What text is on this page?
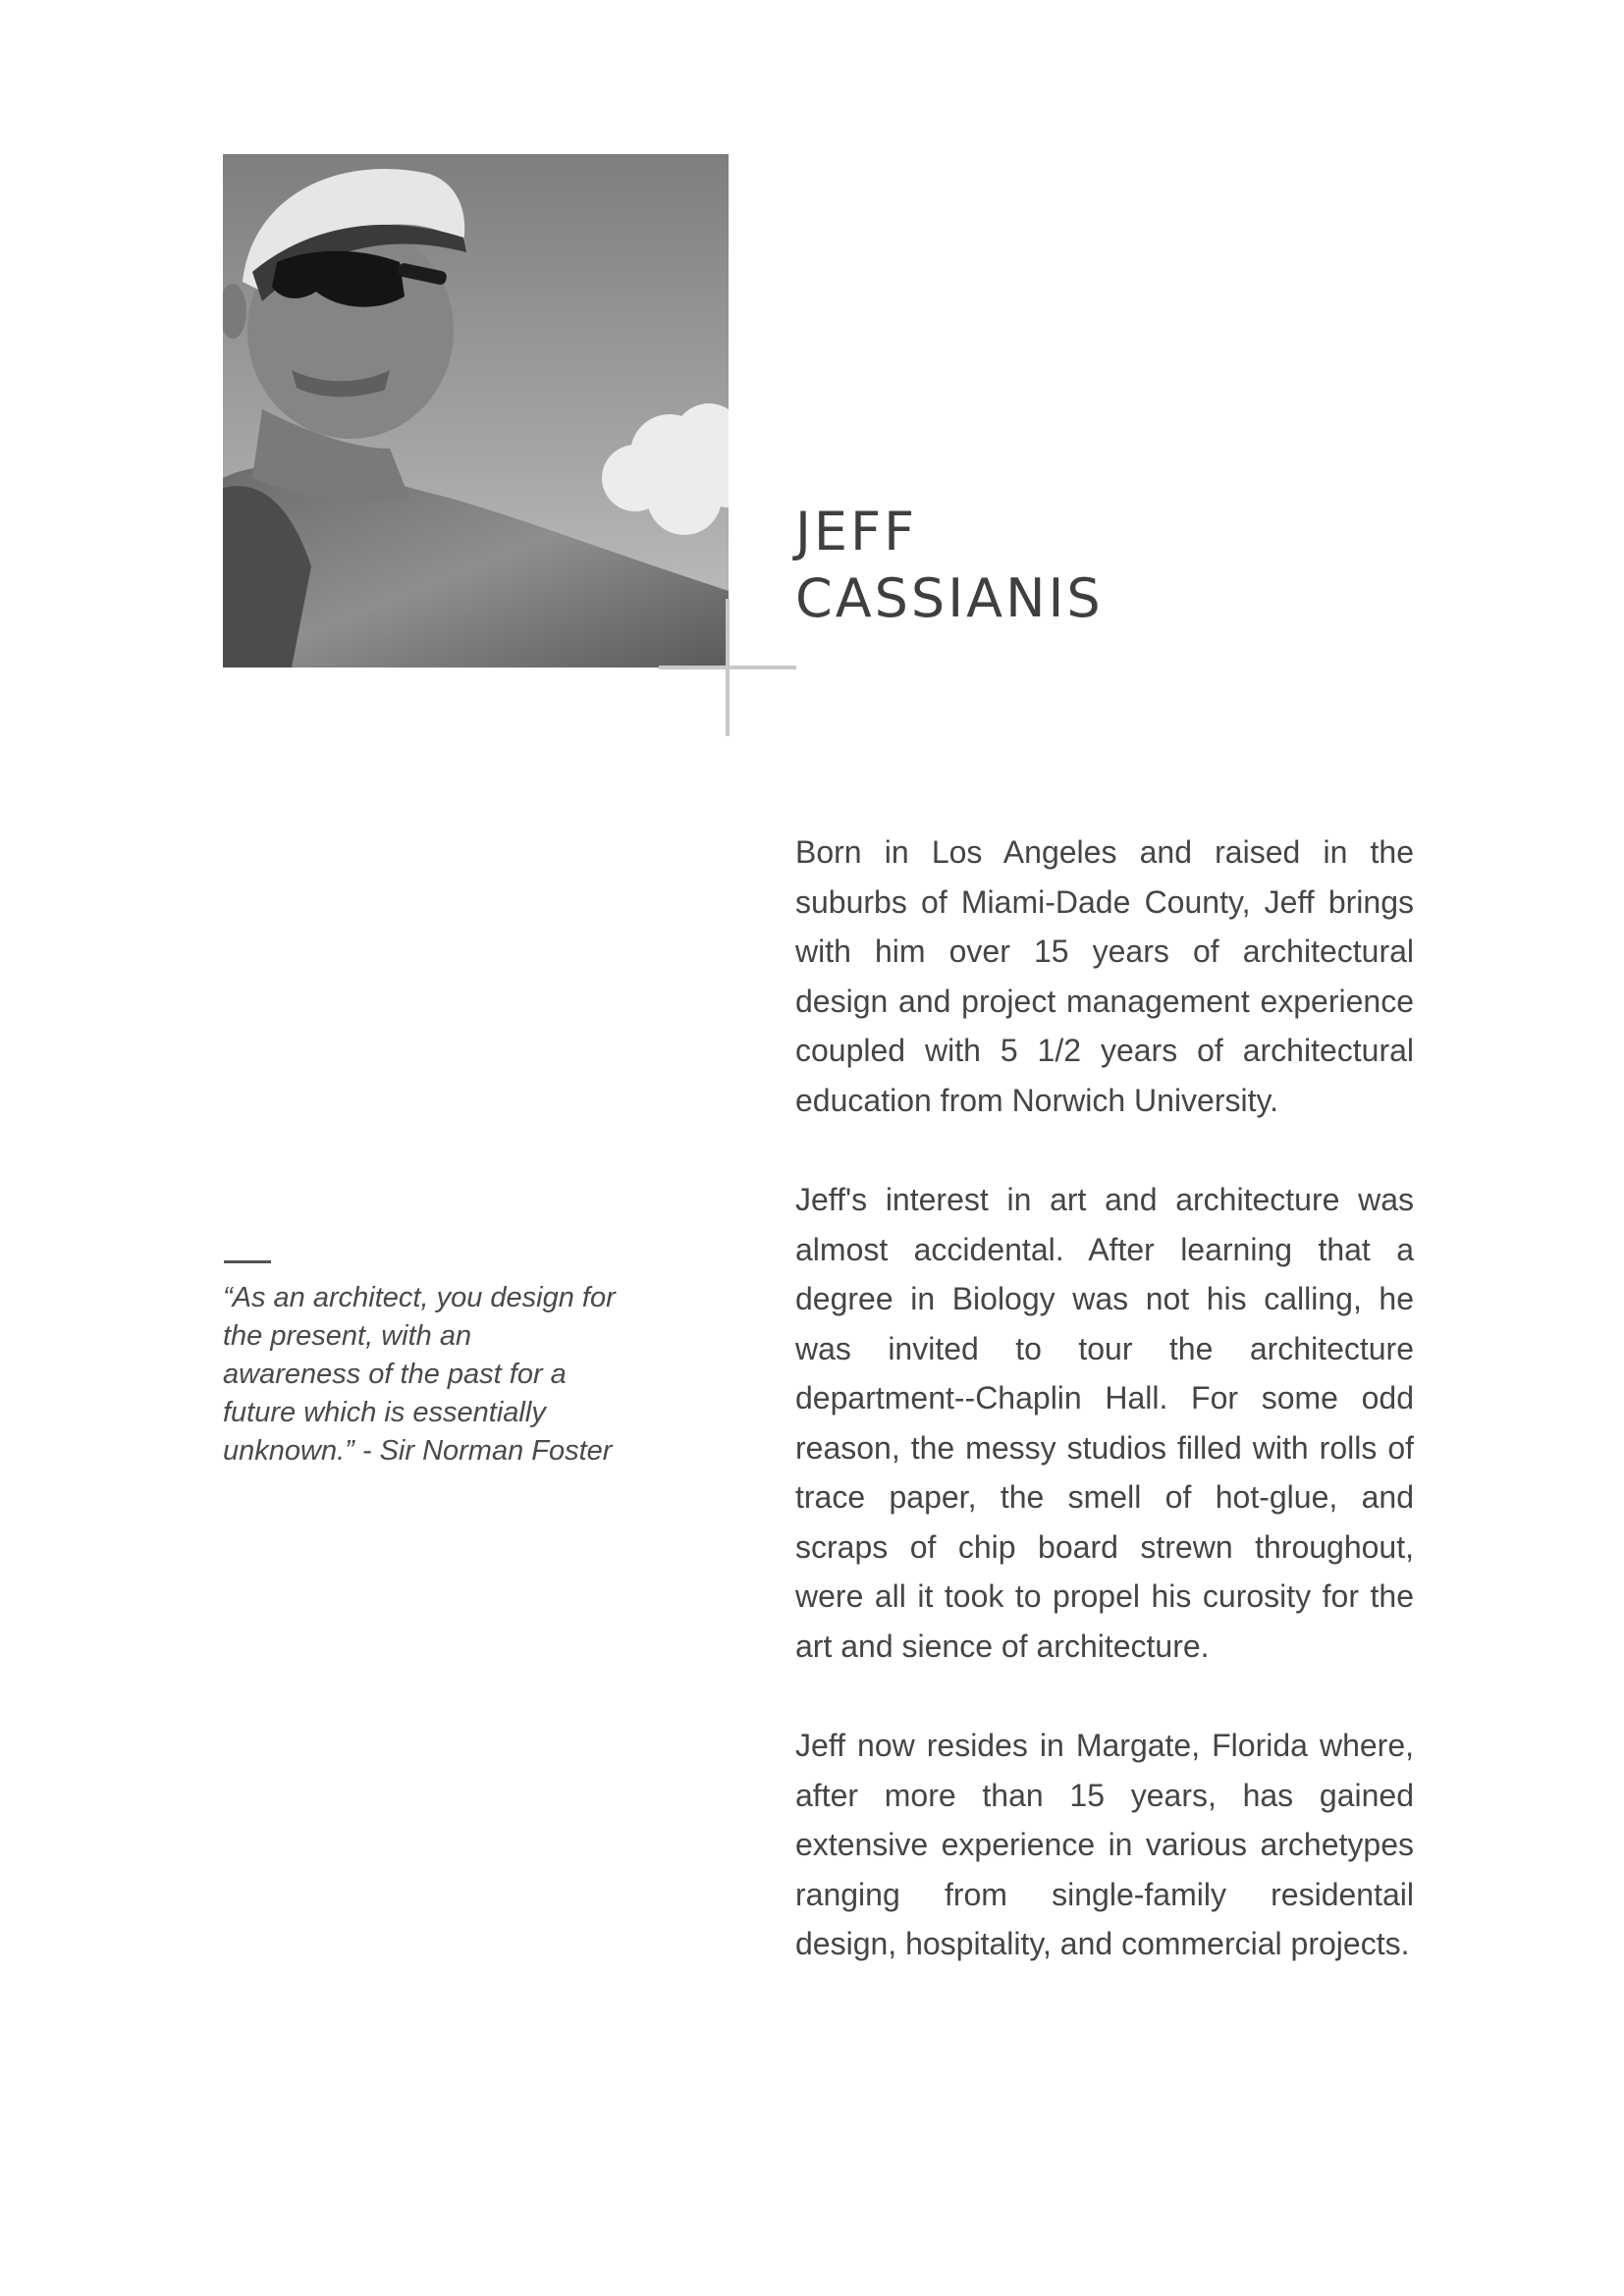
JEFF
CASSIANIS

Born in Los Angeles and raised in the suburbs of Miami-Dade County, Jeff brings with him over 15 years of architectural design and project management experience coupled with 5 1/2 years of architectural education from Norwich University.

Jeff's interest in art and architecture was almost accidental. After learning that a degree in Biology was not his calling, he was invited to tour the architecture department--Chaplin Hall. For some odd reason, the messy studios filled with rolls of trace paper, the smell of hot-glue, and scraps of chip board strewn throughout, were all it took to propel his curosity for the art and sience of architecture.

Jeff now resides in Margate, Florida where, after more than 15 years, has gained extensive experience in various archetypes ranging from single-family residentail design, hospitality, and commercial projects.

“As an architect, you design for the present, with an awareness of the past for a future which is essentially unknown.” - Sir Norman Foster
